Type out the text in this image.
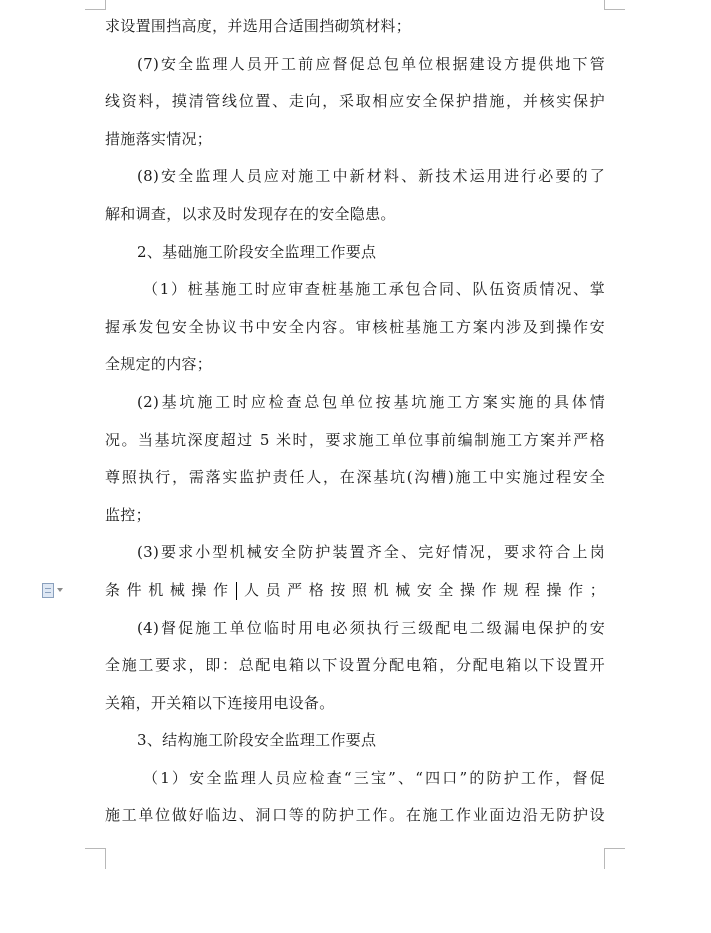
求设置围挡高度，并选用合适围挡砌筑材料；
(7)安全监理人员开工前应督促总包单位根据建设方提供地下管
线资料，摸清管线位置、走向，采取相应安全保护措施，并核实保护
措施落实情况；
(8)安全监理人员应对施工中新材料、新技术运用进行必要的了
解和调查，以求及时发现存在的安全隐患。
2、基础施工阶段安全监理工作要点
（1）桩基施工时应审查桩基施工承包合同、队伍资质情况、掌
握承发包安全协议书中安全内容。审核桩基施工方案内涉及到操作安
全规定的内容；
(2)基坑施工时应检查总包单位按基坑施工方案实施的具体情
况。当基坑深度超过 5 米时，要求施工单位事前编制施工方案并严格
尊照执行，需落实监护责任人，在深基坑(沟槽)施工中实施过程安全
监控；
(3)要求小型机械安全防护装置齐全、完好情况，要求符合上岗
条件机械操作 人员严格按照机械安全操作规程操作；
(4)督促施工单位临时用电必须执行三级配电二级漏电保护的安
全施工要求，即：总配电箱以下设置分配电箱，分配电箱以下设置开
关箱，开关箱以下连接用电设备。
3、结构施工阶段安全监理工作要点
（1）安全监理人员应检查“三宝”、“四口”的防护工作，督促
施工单位做好临边、洞口等的防护工作。在施工作业面边沿无防护设
